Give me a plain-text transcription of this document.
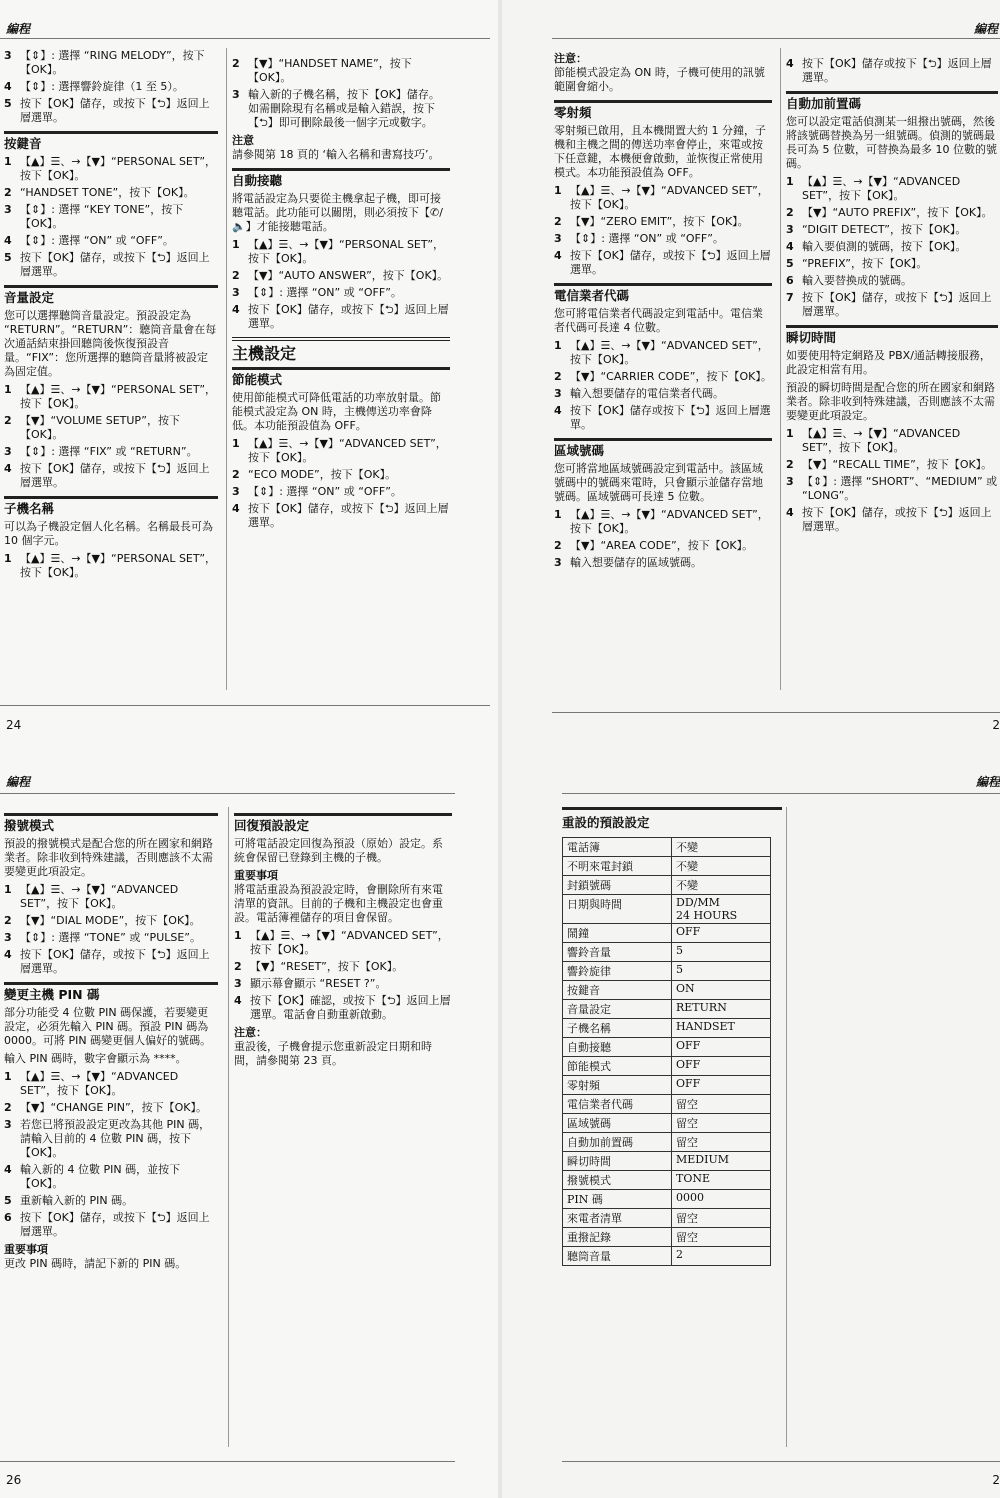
編程
3 【⇕】: 選擇 “RING MELODY”，按下【OK】。
4 【⇕】: 選擇響鈴旋律（1 至 5）。
5 按下【OK】儲存，或按下【⮌】返回上層選單。
按鍵音
1 【▲】☰、→【▼】“PERSONAL SET”，按下【OK】。
2 “HANDSET TONE”，按下【OK】。
3 【⇕】: 選擇 “KEY TONE”，按下【OK】。
4 【⇕】: 選擇 “ON” 或 “OFF”。
5 按下【OK】儲存，或按下【⮌】返回上層選單。
音量設定

您可以選擇聽筒音量設定。預設設定為 “RETURN”。“RETURN”：聽筒音量會在每次通話結束掛回聽筒後恢復預設音量。“FIX”：您所選擇的聽筒音量將被設定為固定值。

1 【▲】☰、→【▼】“PERSONAL SET”，按下【OK】。
2 【▼】“VOLUME SETUP”，按下【OK】。
3 【⇕】: 選擇 “FIX” 或 “RETURN”。
4 按下【OK】儲存，或按下【⮌】返回上層選單。
子機名稱

可以為子機設定個人化名稱。名稱最長可為 10 個字元。

1 【▲】☰、→【▼】“PERSONAL SET”，按下【OK】。
2 【▼】“HANDSET NAME”，按下【OK】。
3 輸入新的子機名稱，按下【OK】儲存。如需刪除現有名稱或是輸入錯誤，按下【⮌】即可刪除最後一個字元或數字。
注意

請參閱第 18 頁的 ‘輸入名稱和書寫技巧’。

自動接聽

將電話設定為只要從主機拿起子機，即可接聽電話。此功能可以關閉，則必須按下【✆/🔈】才能接聽電話。

1 【▲】☰、→【▼】“PERSONAL SET”，按下【OK】。
2 【▼】“AUTO ANSWER”，按下【OK】。
3 【⇕】: 選擇 “ON” 或 “OFF”。
4 按下【OK】儲存，或按下【⮌】返回上層選單。
主機設定
節能模式

使用節能模式可降低電話的功率放射量。節能模式設定為 ON 時，主機傳送功率會降低。本功能預設值為 OFF。

1 【▲】☰、→【▼】“ADVANCED SET”，按下【OK】。
2 “ECO MODE”，按下【OK】。
3 【⇕】: 選擇 “ON” 或 “OFF”。
4 按下【OK】儲存，或按下【⮌】返回上層選單。
24
編程
注意：

節能模式設定為 ON 時，子機可使用的訊號範圍會縮小。

零射頻

零射頻已啟用，且本機閒置大約 1 分鐘，子機和主機之間的傳送功率會停止，來電或按下任意鍵，本機便會啟動，並恢復正常使用模式。本功能預設值為 OFF。

1 【▲】☰、→【▼】“ADVANCED SET”，按下【OK】。
2 【▼】“ZERO EMIT”，按下【OK】。
3 【⇕】: 選擇 “ON” 或 “OFF”。
4 按下【OK】儲存，或按下【⮌】返回上層選單。
電信業者代碼

您可將電信業者代碼設定到電話中。電信業者代碼可長達 4 位數。

1 【▲】☰、→【▼】“ADVANCED SET”，按下【OK】。
2 【▼】“CARRIER CODE”，按下【OK】。
3 輸入想要儲存的電信業者代碼。
4 按下【OK】儲存或按下【⮌】返回上層選單。
區域號碼

您可將當地區域號碼設定到電話中。該區域號碼中的號碼來電時，只會顯示並儲存當地號碼。區域號碼可長達 5 位數。

1 【▲】☰、→【▼】“ADVANCED SET”，按下【OK】。
2 【▼】“AREA CODE”，按下【OK】。
3 輸入想要儲存的區域號碼。
4 按下【OK】儲存或按下【⮌】返回上層選單。
自動加前置碼

您可以設定電話偵測某一組撥出號碼，然後將該號碼替換為另一組號碼。偵測的號碼最長可為 5 位數，可替換為最多 10 位數的號碼。

1 【▲】☰、→【▼】“ADVANCED SET”，按下【OK】。
2 【▼】“AUTO PREFIX”，按下【OK】。
3 “DIGIT DETECT”，按下【OK】。
4 輸入要偵測的號碼，按下【OK】。
5 “PREFIX”，按下【OK】。
6 輸入要替換成的號碼。
7 按下【OK】儲存，或按下【⮌】返回上層選單。
瞬切時間

如要使用特定網路及 PBX/通話轉接服務，此設定相當有用。

預設的瞬切時間是配合您的所在國家和網路業者。除非收到特殊建議，否則應該不太需要變更此項設定。

1 【▲】☰、→【▼】“ADVANCED SET”，按下【OK】。
2 【▼】“RECALL TIME”，按下【OK】。
3 【⇕】: 選擇 “SHORT”、“MEDIUM” 或 “LONG”。
4 按下【OK】儲存，或按下【⮌】返回上層選單。
2
編程
撥號模式

預設的撥號模式是配合您的所在國家和網路業者。除非收到特殊建議，否則應該不太需要變更此項設定。

1 【▲】☰、→【▼】“ADVANCED SET”，按下【OK】。
2 【▼】“DIAL MODE”，按下【OK】。
3 【⇕】: 選擇 “TONE” 或 “PULSE”。
4 按下【OK】儲存，或按下【⮌】返回上層選單。
變更主機 PIN 碼

部分功能受 4 位數 PIN 碼保護，若要變更設定，必須先輸入 PIN 碼。預設 PIN 碼為 0000。可將 PIN 碼變更個人偏好的號碼。

輸入 PIN 碼時，數字會顯示為 ****。

1 【▲】☰、→【▼】“ADVANCED SET”，按下【OK】。
2 【▼】“CHANGE PIN”，按下【OK】。
3 若您已將預設設定更改為其他 PIN 碼，請輸入目前的 4 位數 PIN 碼，按下【OK】。
4 輸入新的 4 位數 PIN 碼，並按下【OK】。
5 重新輸入新的 PIN 碼。
6 按下【OK】儲存，或按下【⮌】返回上層選單。
重要事項

更改 PIN 碼時，請記下新的 PIN 碼。

回復預設設定

可將電話設定回復為預設（原始）設定。系統會保留已登錄到主機的子機。

重要事項

將電話重設為預設設定時，會刪除所有來電清單的資訊。目前的子機和主機設定也會重設。電話簿裡儲存的項目會保留。

1 【▲】☰、→【▼】“ADVANCED SET”，按下【OK】。
2 【▼】“RESET”，按下【OK】。
3 顯示幕會顯示 “RESET ?”。
4 按下【OK】確認，或按下【⮌】返回上層選單。電話會自動重新啟動。
注意：

重設後，子機會提示您重新設定日期和時間，請參閱第 23 頁。

26
編程
重設的預設設定
電話簿	不變
不明來電封鎖	不變
封鎖號碼	不變
日期與時間	DD/MM
24 HOURS
鬧鐘	OFF
響鈴音量	5
響鈴旋律	5
按鍵音	ON
音量設定	RETURN
子機名稱	HANDSET
自動接聽	OFF
節能模式	OFF
零射頻	OFF
電信業者代碼	留空
區域號碼	留空
自動加前置碼	留空
瞬切時間	MEDIUM
撥號模式	TONE
PIN 碼	0000
來電者清單	留空
重撥記錄	留空
聽筒音量	2
2
